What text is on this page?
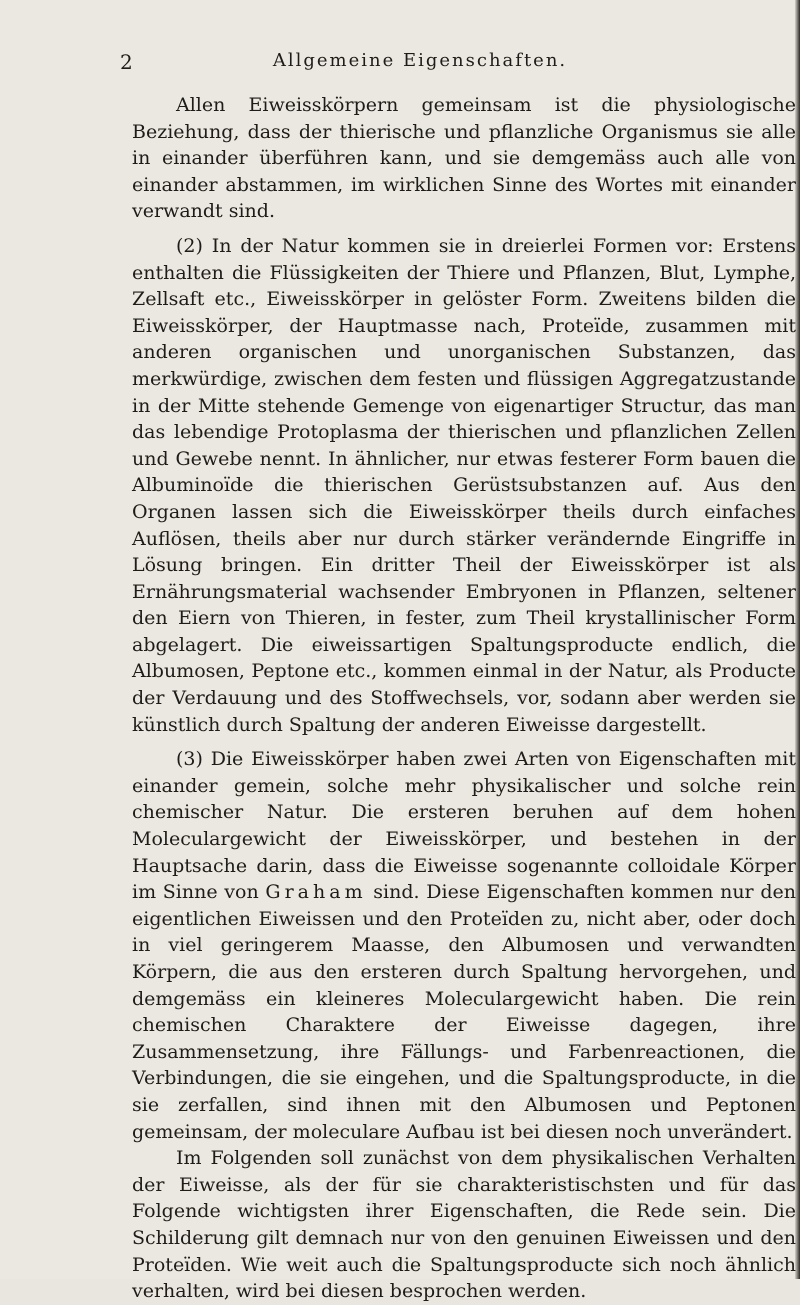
2	Allgemeine Eigenschaften.

Allen Eiweisskörpern gemeinsam ist die physiologische Beziehung, dass der thierische und pflanzliche Organismus sie alle in einander überführen kann, und sie demgemäss auch alle von einander abstammen, im wirklichen Sinne des Wortes mit einander verwandt sind.

(2) In der Natur kommen sie in dreierlei Formen vor: Erstens enthalten die Flüssigkeiten der Thiere und Pflanzen, Blut, Lymphe, Zellsaft etc., Eiweisskörper in gelöster Form. Zweitens bilden die Eiweisskörper, der Hauptmasse nach, Proteïde, zusammen mit anderen organischen und unorganischen Substanzen, das merkwürdige, zwischen dem festen und flüssigen Aggregatzustande in der Mitte stehende Gemenge von eigenartiger Structur, das man das lebendige Protoplasma der thierischen und pflanzlichen Zellen und Gewebe nennt. In ähnlicher, nur etwas festerer Form bauen die Albuminoïde die thierischen Gerüstsubstanzen auf. Aus den Organen lassen sich die Eiweisskörper theils durch einfaches Auflösen, theils aber nur durch stärker verändernde Eingriffe in Lösung bringen. Ein dritter Theil der Eiweisskörper ist als Ernährungsmaterial wachsender Embryonen in Pflanzen, seltener den Eiern von Thieren, in fester, zum Theil krystallinischer Form abgelagert. Die eiweissartigen Spaltungsproducte endlich, die Albumosen, Peptone etc., kommen einmal in der Natur, als Producte der Verdauung und des Stoffwechsels, vor, sodann aber werden sie künstlich durch Spaltung der anderen Eiweisse dargestellt.

(3) Die Eiweisskörper haben zwei Arten von Eigenschaften mit einander gemein, solche mehr physikalischer und solche rein chemischer Natur. Die ersteren beruhen auf dem hohen Moleculargewicht der Eiweisskörper, und bestehen in der Hauptsache darin, dass die Eiweisse sogenannte colloidale Körper im Sinne von Graham sind. Diese Eigenschaften kommen nur den eigentlichen Eiweissen und den Proteïden zu, nicht aber, oder doch in viel geringerem Maasse, den Albumosen und verwandten Körpern, die aus den ersteren durch Spaltung hervorgehen, und demgemäss ein kleineres Moleculargewicht haben. Die rein chemischen Charaktere der Eiweisse dagegen, ihre Zusammensetzung, ihre Fällungs- und Farbenreactionen, die Verbindungen, die sie eingehen, und die Spaltungsproducte, in die sie zerfallen, sind ihnen mit den Albumosen und Peptonen gemeinsam, der moleculare Aufbau ist bei diesen noch unverändert.

Im Folgenden soll zunächst von dem physikalischen Verhalten der Eiweisse, als der für sie charakteristischsten und für das Folgende wichtigsten ihrer Eigenschaften, die Rede sein. Die Schilderung gilt demnach nur von den genuinen Eiweissen und den Proteïden. Wie weit auch die Spaltungsproducte sich noch ähnlich verhalten, wird bei diesen besprochen werden.
